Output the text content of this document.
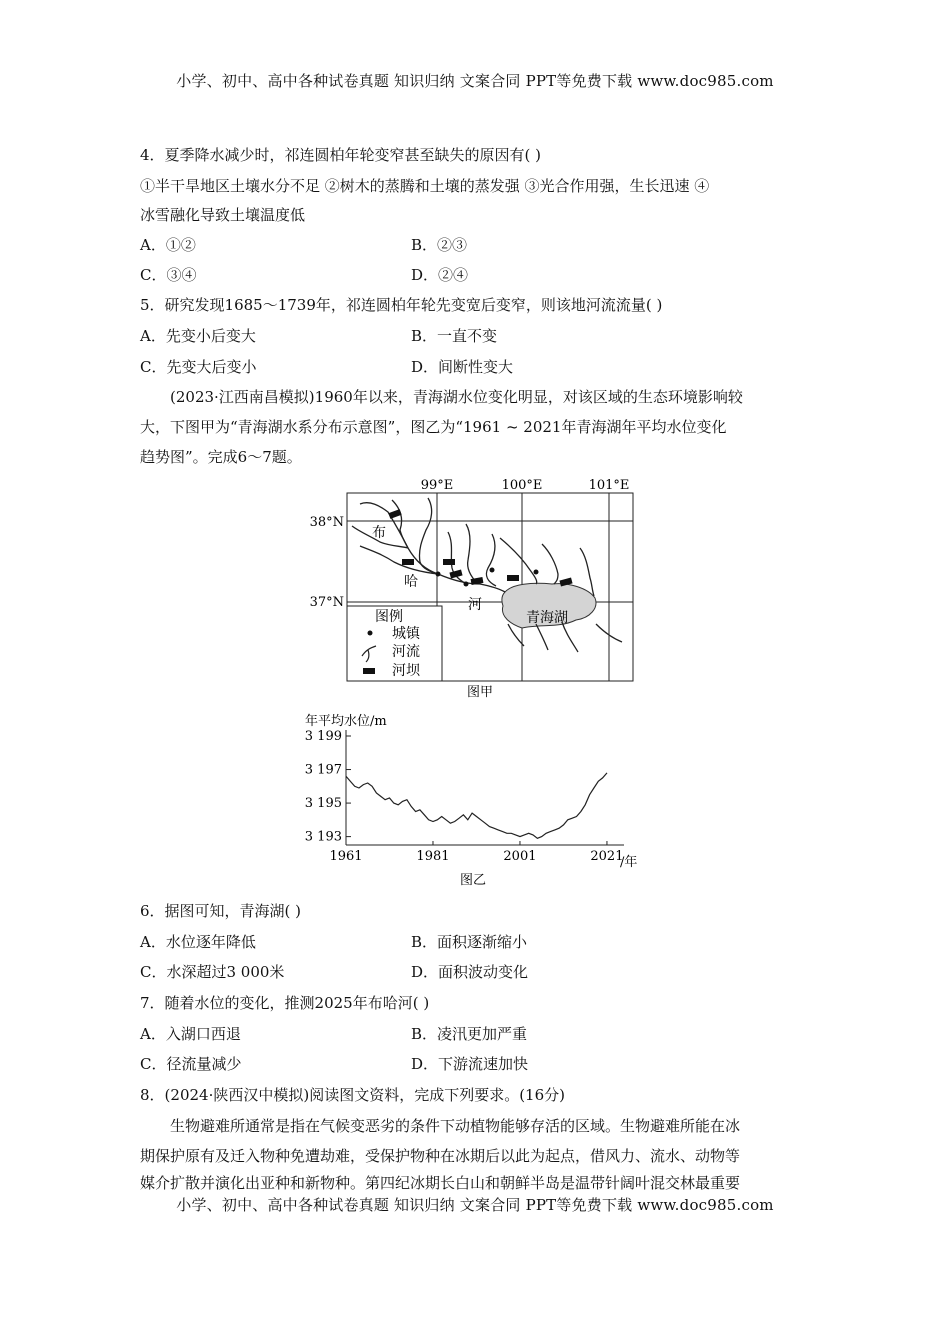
小学、初中、高中各种试卷真题 知识归纳 文案合同 PPT等免费下载 www.doc985.com
4．夏季降水减少时，祁连圆柏年轮变窄甚至缺失的原因有( )
①半干旱地区土壤水分不足 ②树木的蒸腾和土壤的蒸发强 ③光合作用强，生长迅速 ④
冰雪融化导致土壤温度低
A．①②	B．②③
C．③④	D．②④
5．研究发现1685～1739年，祁连圆柏年轮先变宽后变窄，则该地河流流量( )
A．先变小后变大	B．一直不变
C．先变大后变小	D．间断性变大
(2023·江西南昌模拟)1960年以来，青海湖水位变化明显，对该区域的生态环境影响较
大，下图甲为“青海湖水系分布示意图”，图乙为“1961 ~ 2021年青海湖年平均水位变化
趋势图”。完成6～7题。
99°E	100°E	101°E
38°N
37°N
青海湖
布
哈
河
图例
城镇
河流
河坝
图甲
年平均水位/m
3 199
3 197
3 195
3 193
1961	1981	2001	2021
/年
图乙
6．据图可知，青海湖( )
A．水位逐年降低	B．面积逐渐缩小
C．水深超过3 000米	D．面积波动变化
7．随着水位的变化，推测2025年布哈河( )
A．入湖口西退	B．凌汛更加严重
C．径流量减少	D．下游流速加快
8．(2024·陕西汉中模拟)阅读图文资料，完成下列要求。(16分)
生物避难所通常是指在气候变恶劣的条件下动植物能够存活的区域。生物避难所能在冰
期保护原有及迁入物种免遭劫难，受保护物种在冰期后以此为起点，借风力、流水、动物等
媒介扩散并演化出亚种和新物种。第四纪冰期长白山和朝鲜半岛是温带针阔叶混交林最重要
小学、初中、高中各种试卷真题 知识归纳 文案合同 PPT等免费下载 www.doc985.com
